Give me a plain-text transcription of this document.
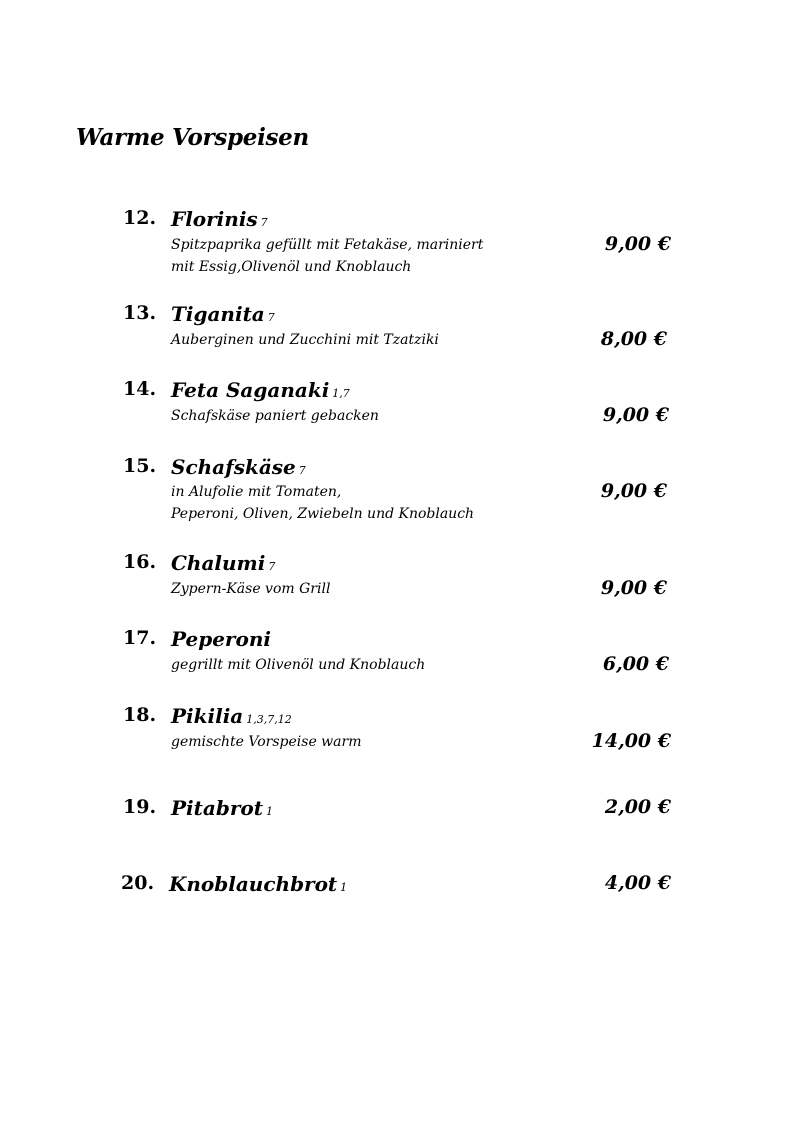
Warme Vorspeisen
12. Florinis 7
Spitzpaprika gefüllt mit Fetakäse, mariniert
mit Essig,Olivenöl und Knoblauch
9,00 €
13. Tiganita 7
Auberginen und Zucchini mit Tzatziki	8,00 €
14. Feta Saganaki 1,7
Schafskäse paniert gebacken	9,00 €
15. Schafskäse 7
in Alufolie mit Tomaten,
Peperoni, Oliven, Zwiebeln und Knoblauch
9,00 €
16. Chalumi 7
Zypern-Käse vom Grill	9,00 €
17. Peperoni
gegrillt mit Olivenöl und Knoblauch	6,00 €
18. Pikilia 1,3,7,12
gemischte Vorspeise warm	14,00 €
19. Pitabrot 1	2,00 €
20. Knoblauchbrot 1	4,00 €
